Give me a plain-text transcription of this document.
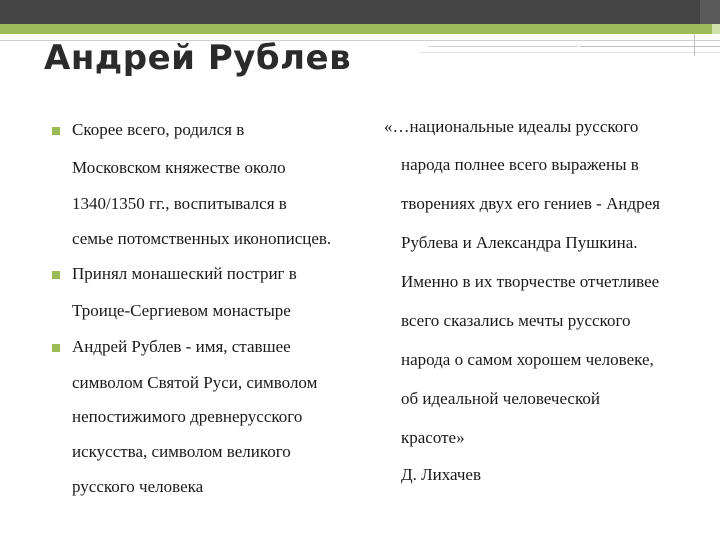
Андрей Рублев
Скорее всего, родился в
Московском княжестве около
1340/1350 гг., воспитывался в
семье потомственных иконописцев.
Принял монашеский постриг в
Троице-Сергиевом монастыре
Андрей Рублев - имя, ставшее
символом Святой Руси, символом
непостижимого древнерусского
искусства, символом великого
русского человека
«…национальные идеалы русского
народа полнее всего выражены в
творениях двух его гениев - Андрея
Рублева и Александра Пушкина.
Именно в их творчестве отчетливее
всего сказались мечты русского
народа о самом хорошем человеке,
об идеальной человеческой
красоте»
Д. Лихачев
